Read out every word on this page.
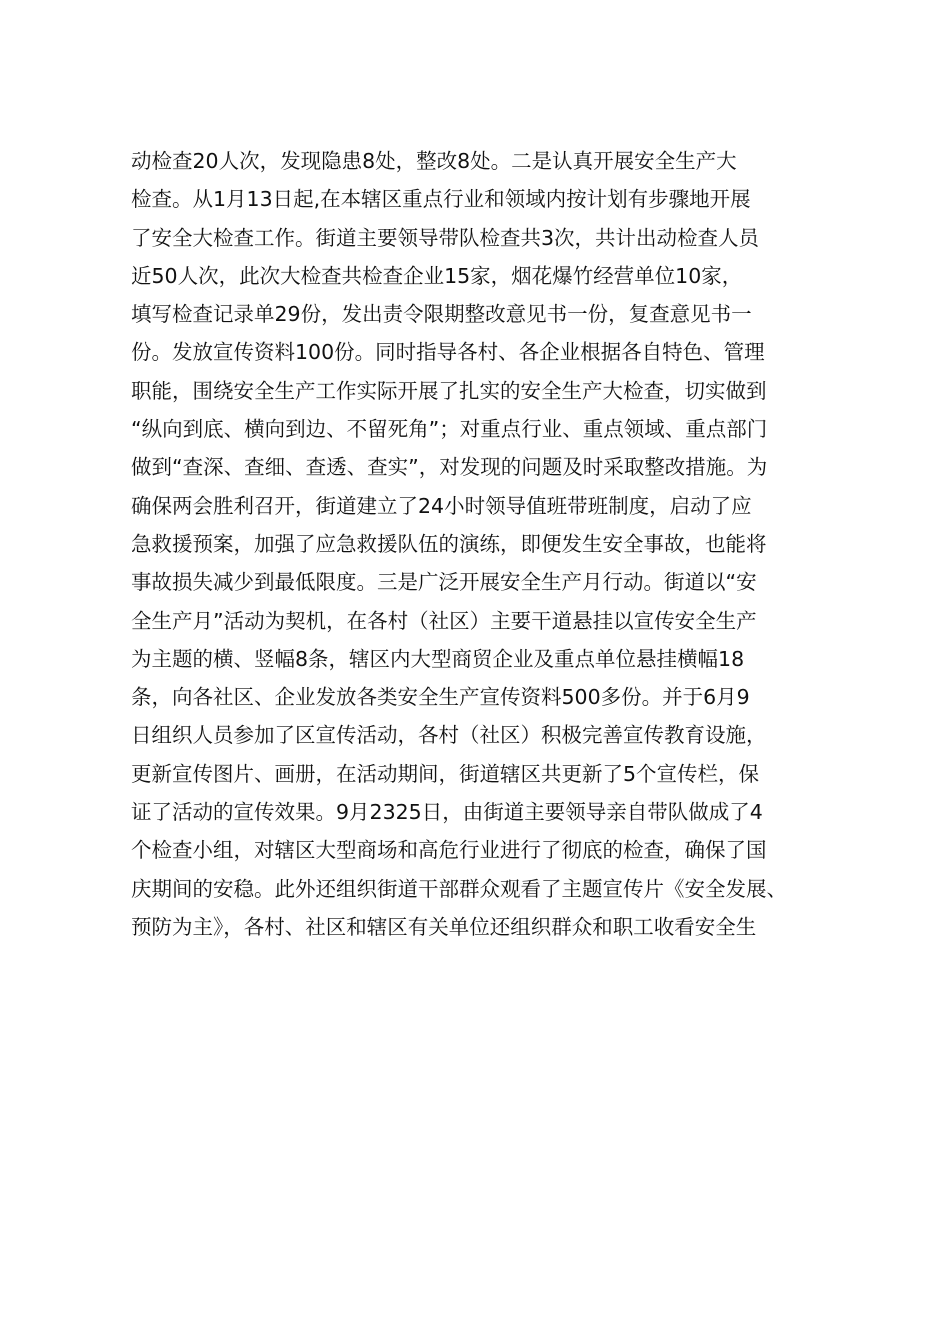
动检查20人次，发现隐患8处，整改8处。二是认真开展安全生产大
检查。从1月13日起,在本辖区重点行业和领域内按计划有步骤地开展
了安全大检查工作。街道主要领导带队检查共3次，共计出动检查人员
近50人次，此次大检查共检查企业15家，烟花爆竹经营单位10家，
填写检查记录单29份，发出责令限期整改意见书一份，复查意见书一
份。发放宣传资料100份。同时指导各村、各企业根据各自特色、管理
职能，围绕安全生产工作实际开展了扎实的安全生产大检查，切实做到
“纵向到底、横向到边、不留死角”；对重点行业、重点领域、重点部门
做到“查深、查细、查透、查实”，对发现的问题及时采取整改措施。为
确保两会胜利召开，街道建立了24小时领导值班带班制度，启动了应
急救援预案，加强了应急救援队伍的演练，即便发生安全事故，也能将
事故损失减少到最低限度。三是广泛开展安全生产月行动。街道以“安
全生产月”活动为契机，在各村（社区）主要干道悬挂以宣传安全生产
为主题的横、竖幅8条，辖区内大型商贸企业及重点单位悬挂横幅18
条，向各社区、企业发放各类安全生产宣传资料500多份。并于6月9
日组织人员参加了区宣传活动，各村（社区）积极完善宣传教育设施，
更新宣传图片、画册，在活动期间，街道辖区共更新了5个宣传栏，保
证了活动的宣传效果。9月2325日，由街道主要领导亲自带队做成了4
个检查小组，对辖区大型商场和高危行业进行了彻底的检查，确保了国
庆期间的安稳。此外还组织街道干部群众观看了主题宣传片《安全发展、
预防为主》，各村、社区和辖区有关单位还组织群众和职工收看安全生
